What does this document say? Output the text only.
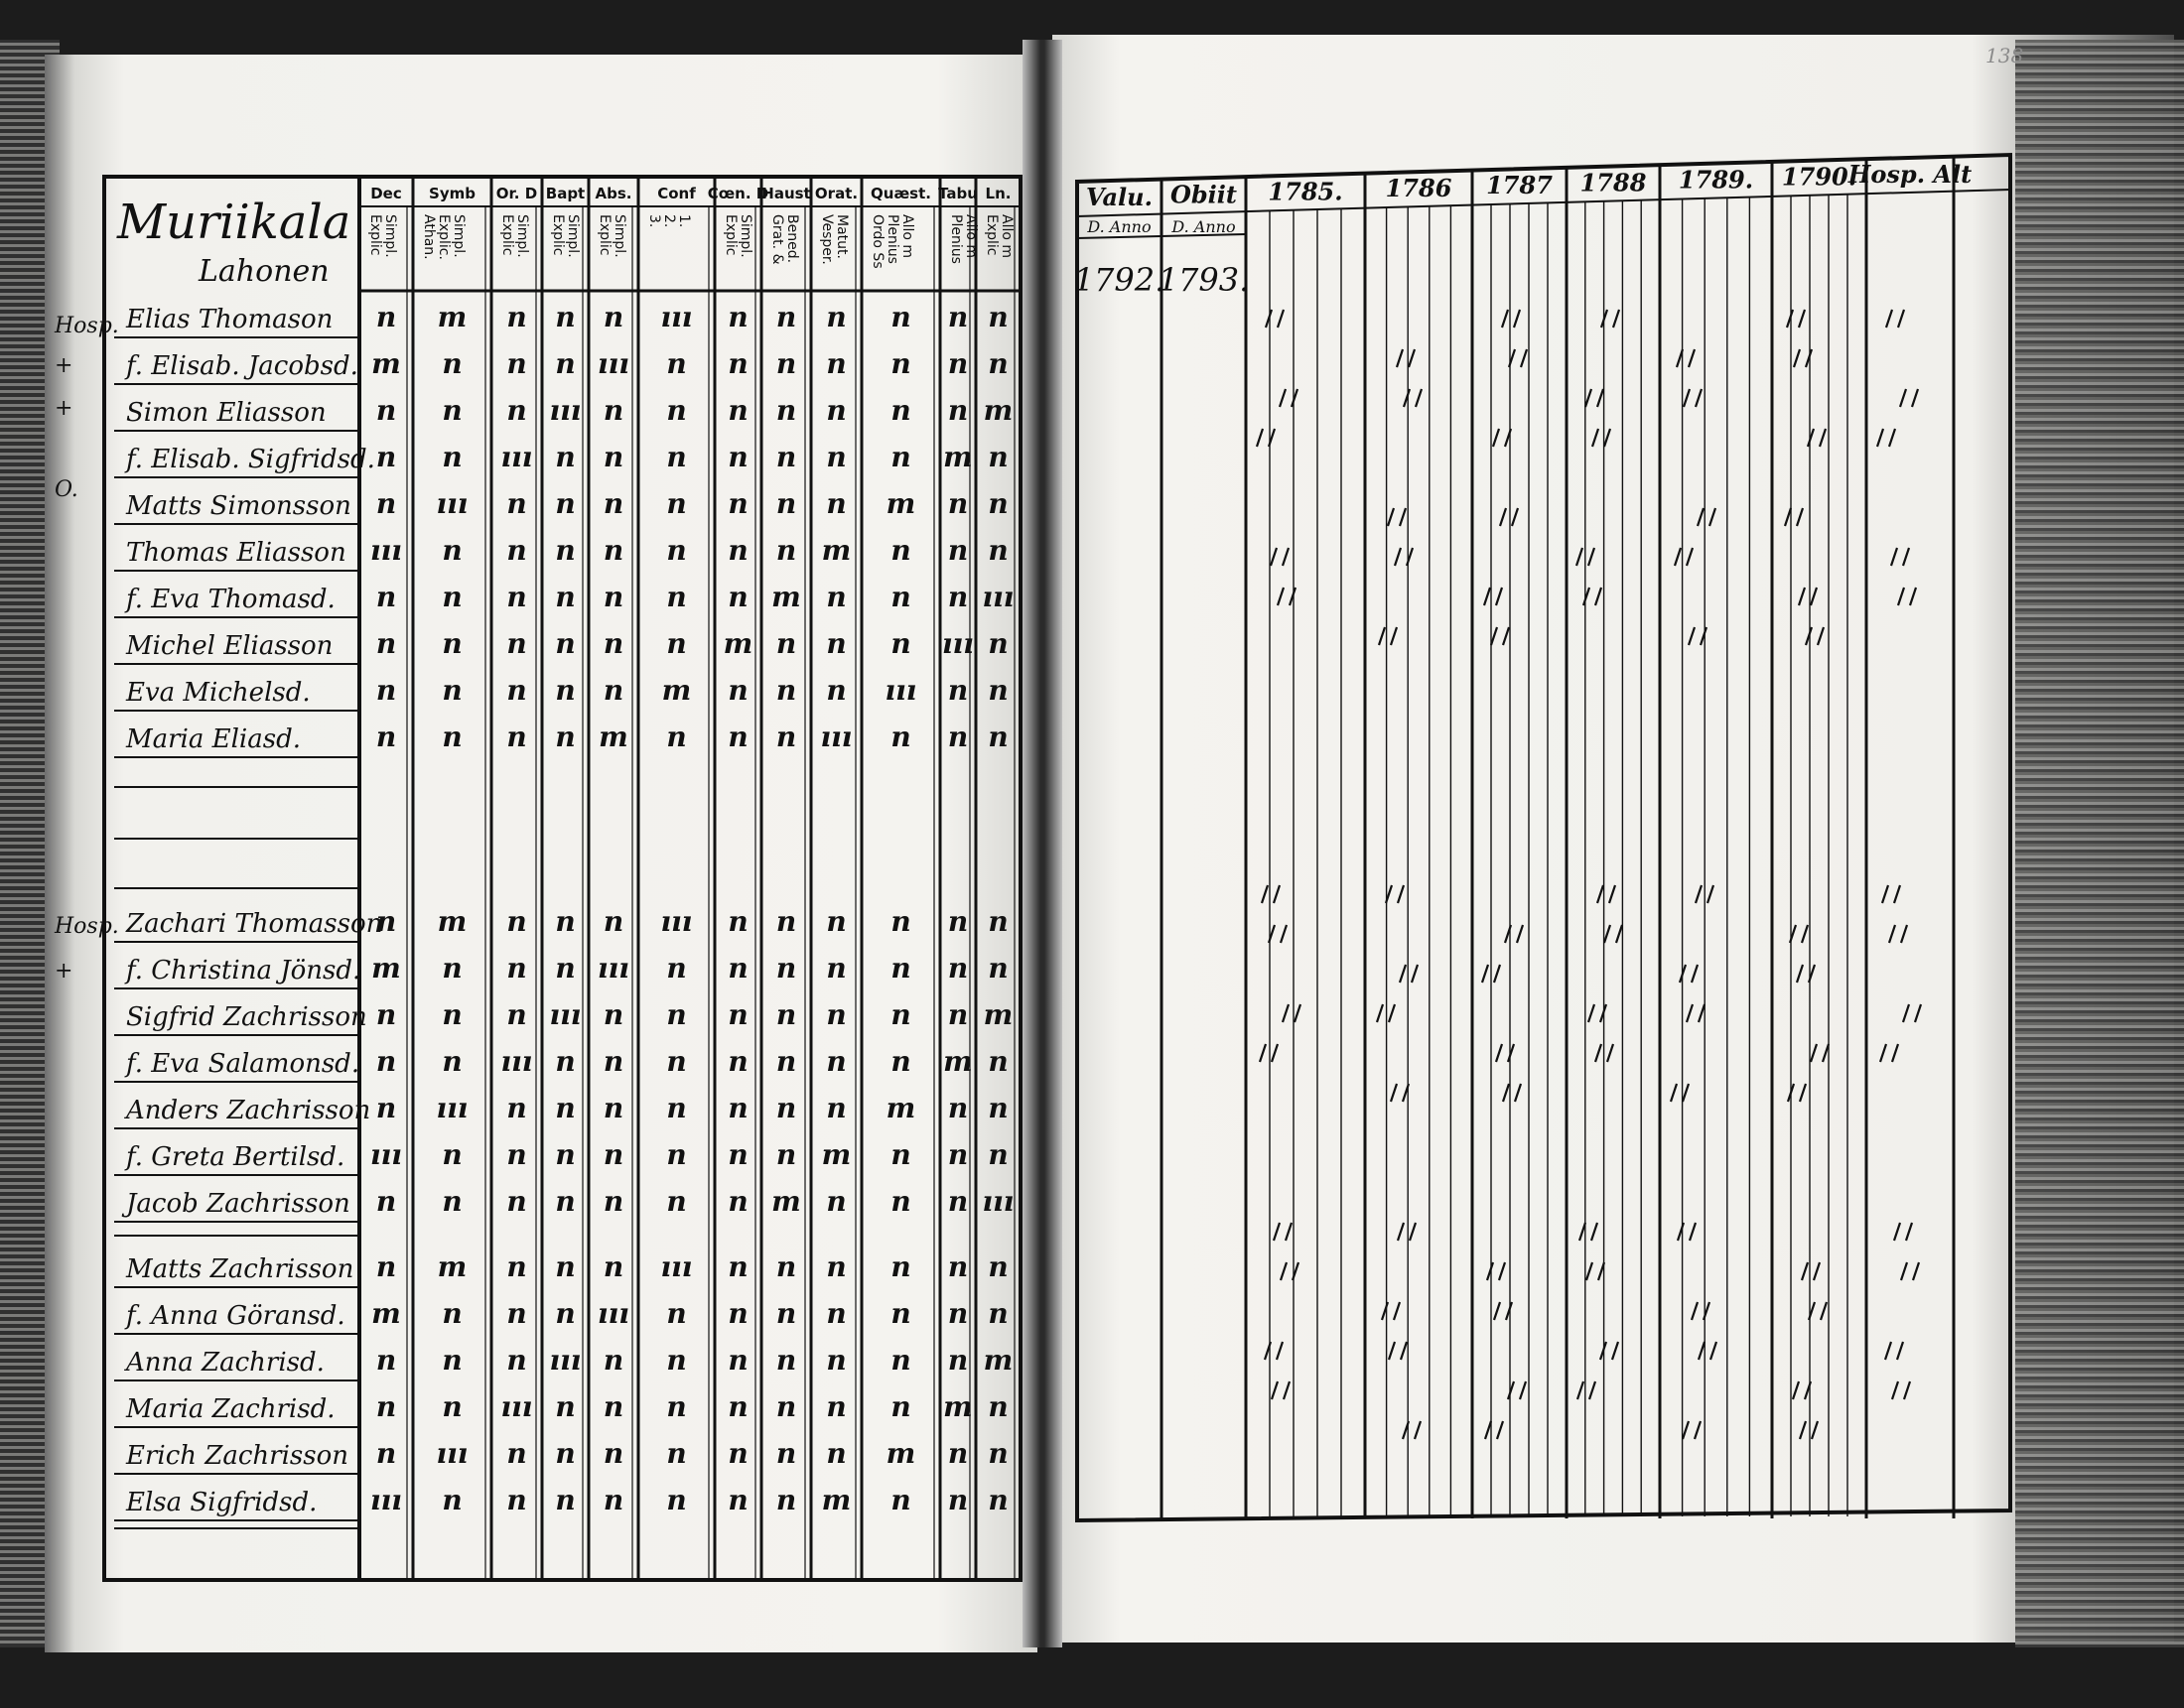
138
Dec
Explic Simpl.
Symb
Athan. Explic. Simpl.
Or. D
Explic Simpl.
Bapt
Explic Simpl.
Abs.
Explic Simpl.
Conf
3. 2. 1.
Cœn. D
Explic Simpl.
Haust
Grat. & Bened.
Orat.
Vesper. Matut.
Quæst.
Ordo Ss Plenius Allo m
Tabu
Plenius Allo m
Ln.
Explic Allo m
Muriikala
Lahonen
Elias Thomason n m n n n ııı n n n n n n
f. Elisab. Jacobsd. m n n n ııı n n n n n n n
Simon Eliasson n n n ııı n n n n n n n m
f. Elisab. Sigfridsd. n n ııı n n n n n n n m n
Matts Simonsson n ııı n n n n n n n m n n
Thomas Eliasson ııı n n n n n n n m n n n
f. Eva Thomasd. n n n n n n n m n n n ııı
Michel Eliasson n n n n n n m n n n ııı n
Eva Michelsd. n n n n n m n n n ııı n n
Maria Eliasd.	n n n n m n n n ııı n n n
Zachari Thomasson
n m n n n ııı n n n n n n
f. Christina Jönsd. m n n n ııı n n n n n n n
Sigfrid Zachrisson n n n ııı n n n n n n n m
f. Eva Salamonsd. n n ııı n n n n n n n m n
Anders Zachrisson n ııı n n n n n n n m n n
f. Greta Bertilsd. ııı n n n n n n n m n n n
Jacob Zachrisson n n n n n n n m n n n ııı
Matts Zachrisson n m n n n ııı n n n n n n
f. Anna Göransd. m n n n ııı n n n n n n n
Anna Zachrisd. n n n ııı n n n n n n n m
Maria Zachrisd. n n ııı n n n n n n n m n
Erich Zachrisson n ııı n n n n n n n m n n
Elsa Sigfridsd. ııı n n n n n n n m n n n
Hosp.
+
+
O.
Hosp.
+
Valu. Obiit 1785. 1786 1787 1788 1789. 1790.
Hosp. Alt
D. Anno D. Anno
1792.
1793.
